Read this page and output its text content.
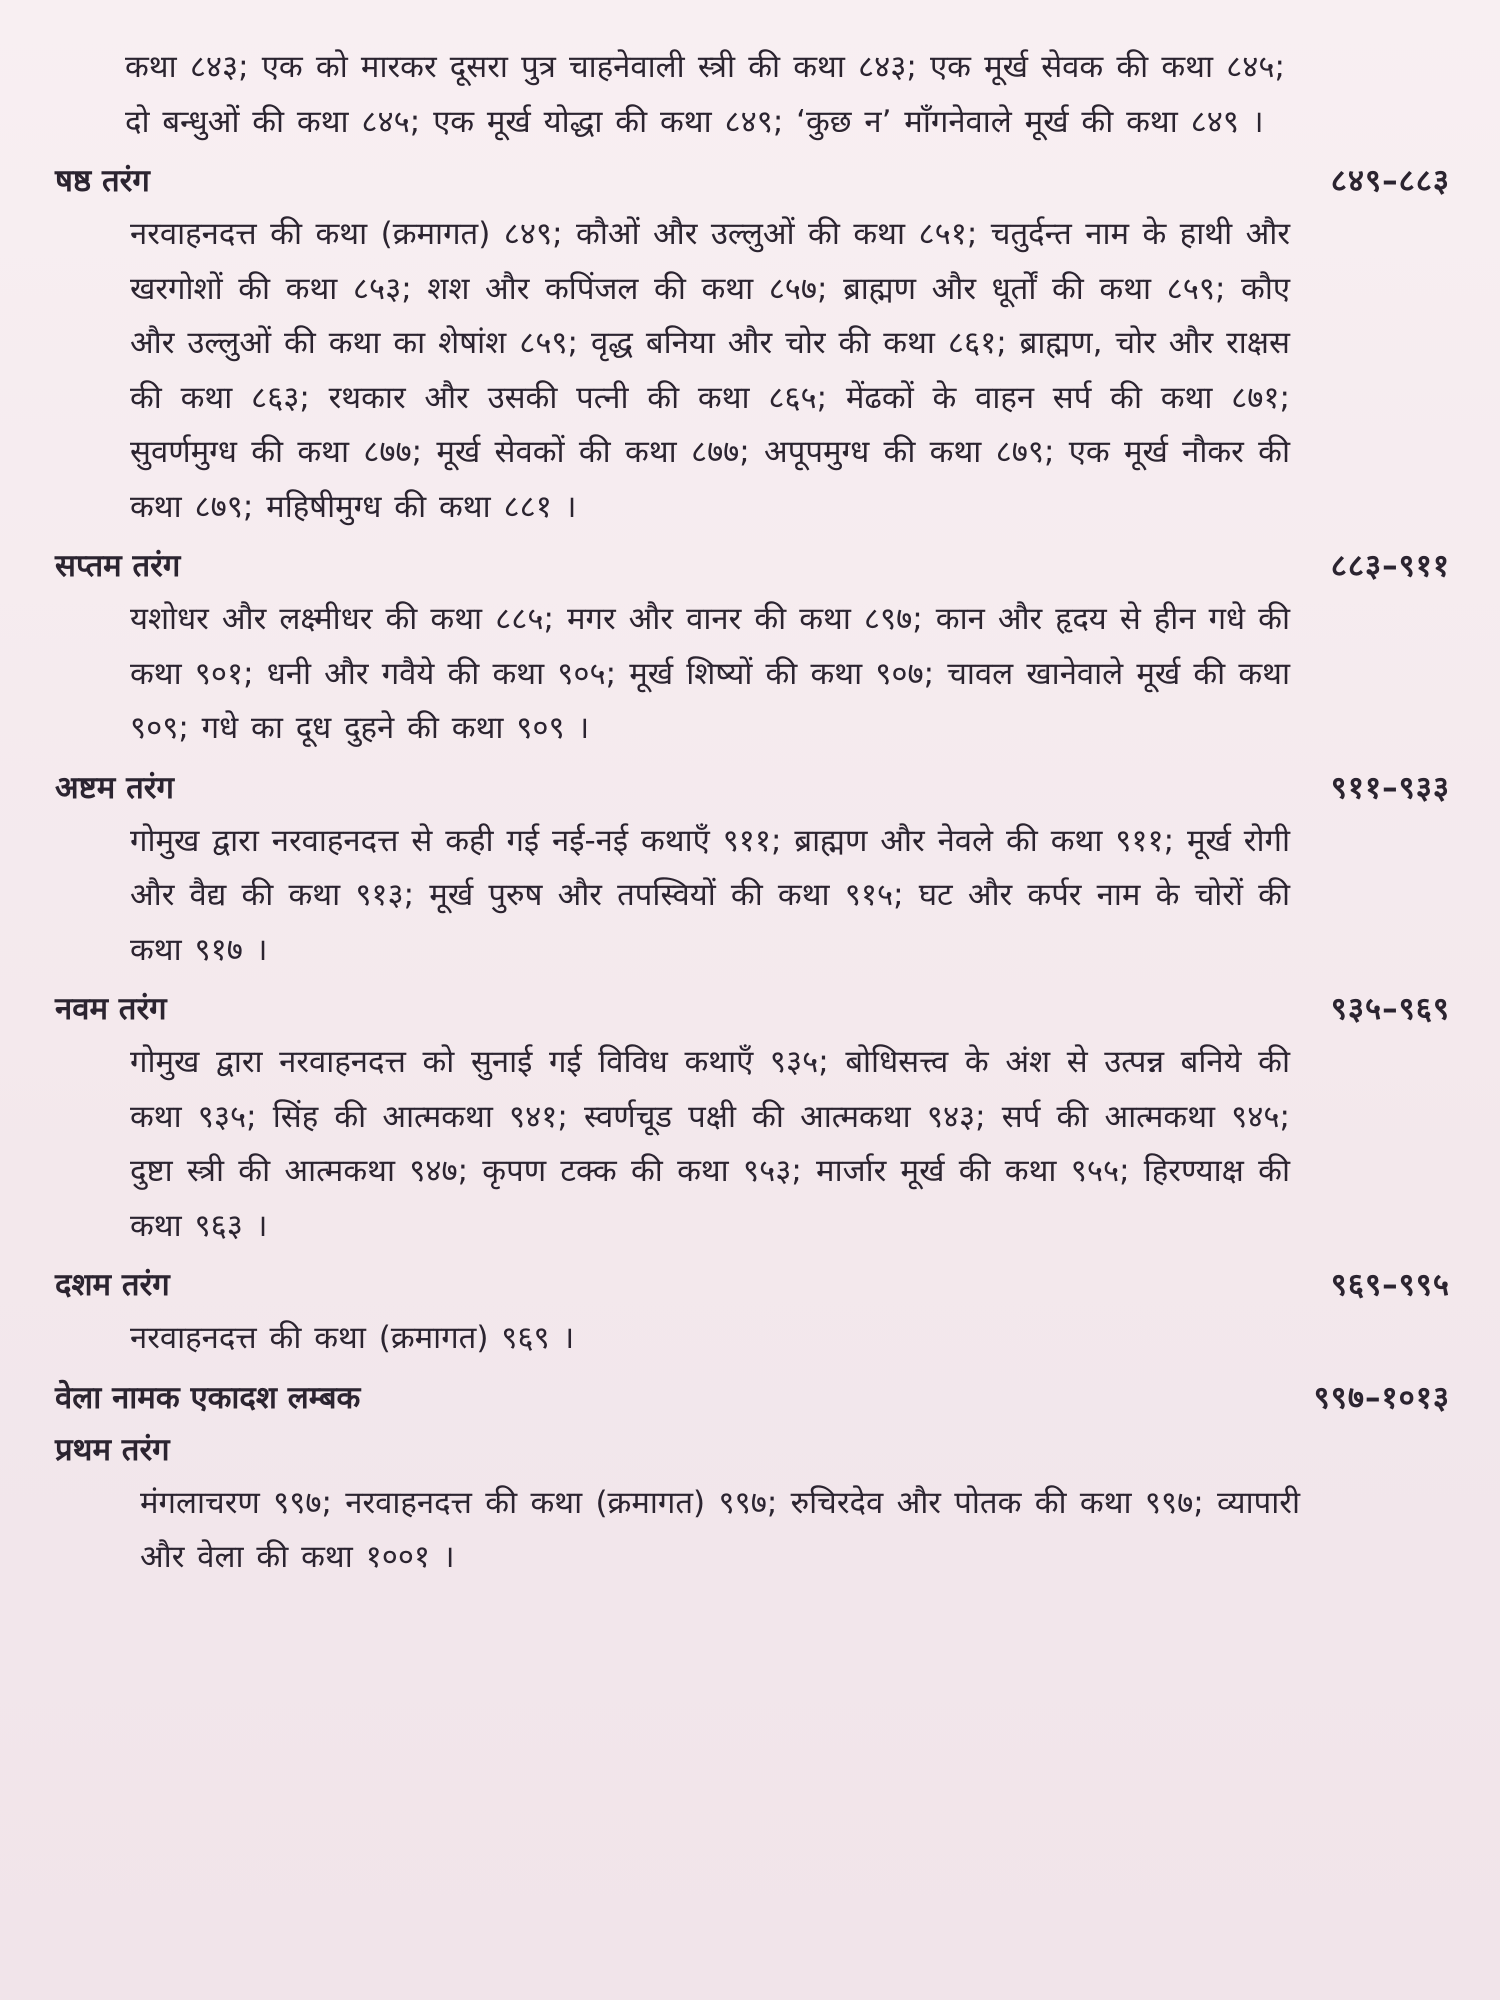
कथा ८४३; एक को मारकर दूसरा पुत्र चाहनेवाली स्त्री की कथा ८४३; एक मूर्ख सेवक की कथा ८४५; दो बन्धुओं की कथा ८४५; एक मूर्ख योद्धा की कथा ८४९; ‘कुछ न’ माँगनेवाले मूर्ख की कथा ८४९ ।

षष्ठ तरंग	८४९–८८३

नरवाहनदत्त की कथा (क्रमागत) ८४९; कौओं और उल्लुओं की कथा ८५१; चतुर्दन्त नाम के हाथी और खरगोशों की कथा ८५३; शश और कपिंजल की कथा ८५७; ब्राह्मण और धूर्तों की कथा ८५९; कौए और उल्लुओं की कथा का शेषांश ८५९; वृद्ध बनिया और चोर की कथा ८६१; ब्राह्मण, चोर और राक्षस की कथा ८६३; रथकार और उसकी पत्नी की कथा ८६५; मेंढकों के वाहन सर्प की कथा ८७१; सुवर्णमुग्ध की कथा ८७७; मूर्ख सेवकों की कथा ८७७; अपूपमुग्ध की कथा ८७९; एक मूर्ख नौकर की कथा ८७९; महिषीमुग्ध की कथा ८८१ ।

सप्तम तरंग	८८३–९११

यशोधर और लक्ष्मीधर की कथा ८८५; मगर और वानर की कथा ८९७; कान और हृदय से हीन गधे की कथा ९०१; धनी और गवैये की कथा ९०५; मूर्ख शिष्यों की कथा ९०७; चावल खानेवाले मूर्ख की कथा ९०९; गधे का दूध दुहने की कथा ९०९ ।

अष्टम तरंग	९११–९३३

गोमुख द्वारा नरवाहनदत्त से कही गई नई-नई कथाएँ ९११; ब्राह्मण और नेवले की कथा ९११; मूर्ख रोगी और वैद्य की कथा ९१३; मूर्ख पुरुष और तपस्वियों की कथा ९१५; घट और कर्पर नाम के चोरों की कथा ९१७ ।

नवम तरंग	९३५–९६९

गोमुख द्वारा नरवाहनदत्त को सुनाई गई विविध कथाएँ ९३५; बोधिसत्त्व के अंश से उत्पन्न बनिये की कथा ९३५; सिंह की आत्मकथा ९४१; स्वर्णचूड पक्षी की आत्मकथा ९४३; सर्प की आत्मकथा ९४५; दुष्टा स्त्री की आत्मकथा ९४७; कृपण टक्क की कथा ९५३; मार्जार मूर्ख की कथा ९५५; हिरण्याक्ष की कथा ९६३ ।

दशम तरंग	९६९–९९५

नरवाहनदत्त की कथा (क्रमागत) ९६९ ।

वेला नामक एकादश लम्बक	९९७–१०१३
प्रथम तरंग

मंगलाचरण ९९७; नरवाहनदत्त की कथा (क्रमागत) ९९७; रुचिरदेव और पोतक की कथा ९९७; व्यापारी और वेला की कथा १००१ ।
